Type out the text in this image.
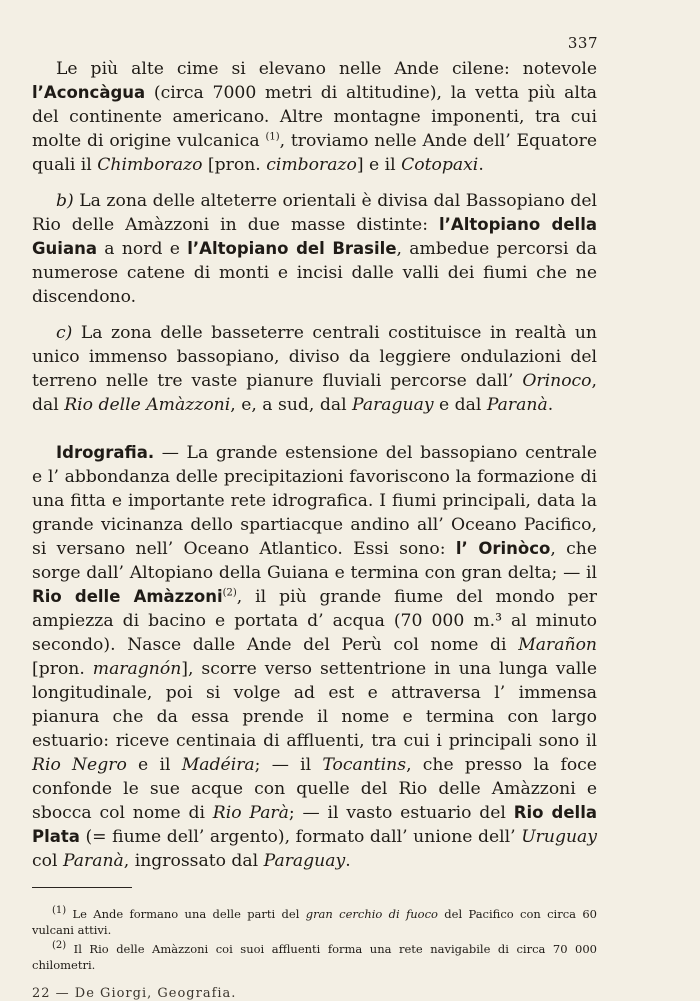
337

Le più alte cime si elevano nelle Ande cilene: notevole l’Aconcàgua (circa 7000 metri di altitudine), la vetta più alta del continente americano. Altre montagne imponenti, tra cui molte di origine vulcanica $^{(1)}$, troviamo nelle Ande dell’ Equatore quali il Chimborazo [pron. cimborazo] e il Cotopaxi.

b) La zona delle alteterre orientali è divisa dal Bassopiano del Rio delle Amàzzoni in due masse distinte: l’Altopiano della Guiana a nord e l’Altopiano del Brasile, ambedue percorsi da numerose catene di monti e incisi dalle valli dei fiumi che ne discendono.

c) La zona delle basseterre centrali costituisce in realtà un unico immenso bassopiano, diviso da leggiere ondulazioni del terreno nelle tre vaste pianure fluviali percorse dall’ Orinoco, dal Rio delle Amàzzoni, e, a sud, dal Paraguay e dal Paranà.

Idrografia. — La grande estensione del bassopiano centrale e l’ abbondanza delle precipitazioni favoriscono la formazione di una fitta e importante rete idrografica. I fiumi principali, data la grande vicinanza dello spartiacque andino all’ Oceano Pacifico, si versano nell’ Oceano Atlantico. Essi sono: l’ Orinòco, che sorge dall’ Altopiano della Guiana e termina con gran delta; — il Rio delle Amàzzoni$^{(2)}$, il più grande fiume del mondo per ampiezza di bacino e portata d’ acqua (70 000 m.³ al minuto secondo). Nasce dalle Ande del Perù col nome di Marañon [pron. maragnón], scorre verso settentrione in una lunga valle longitudinale, poi si volge ad est e attraversa l’ immensa pianura che da essa prende il nome e termina con largo estuario: riceve centinaia di affluenti, tra cui i principali sono il Rio Negro e il Madéira; — il Tocantins, che presso la foce confonde le sue acque con quelle del Rio delle Amàzzoni e sbocca col nome di Rio Parà; — il vasto estuario del Rio della Plata (= fiume dell’ argento), formato dall’ unione dell’ Uruguay col Paranà, ingrossato dal Paraguay.

$^{(1)}$ Le Ande formano una delle parti del gran cerchio di fuoco del Pacifico con circa 60 vulcani attivi.

$^{(2)}$ Il Rio delle Amàzzoni coi suoi affluenti forma una rete navigabile di circa 70 000 chilometri.

22 — De Giorgi, Geografia.
